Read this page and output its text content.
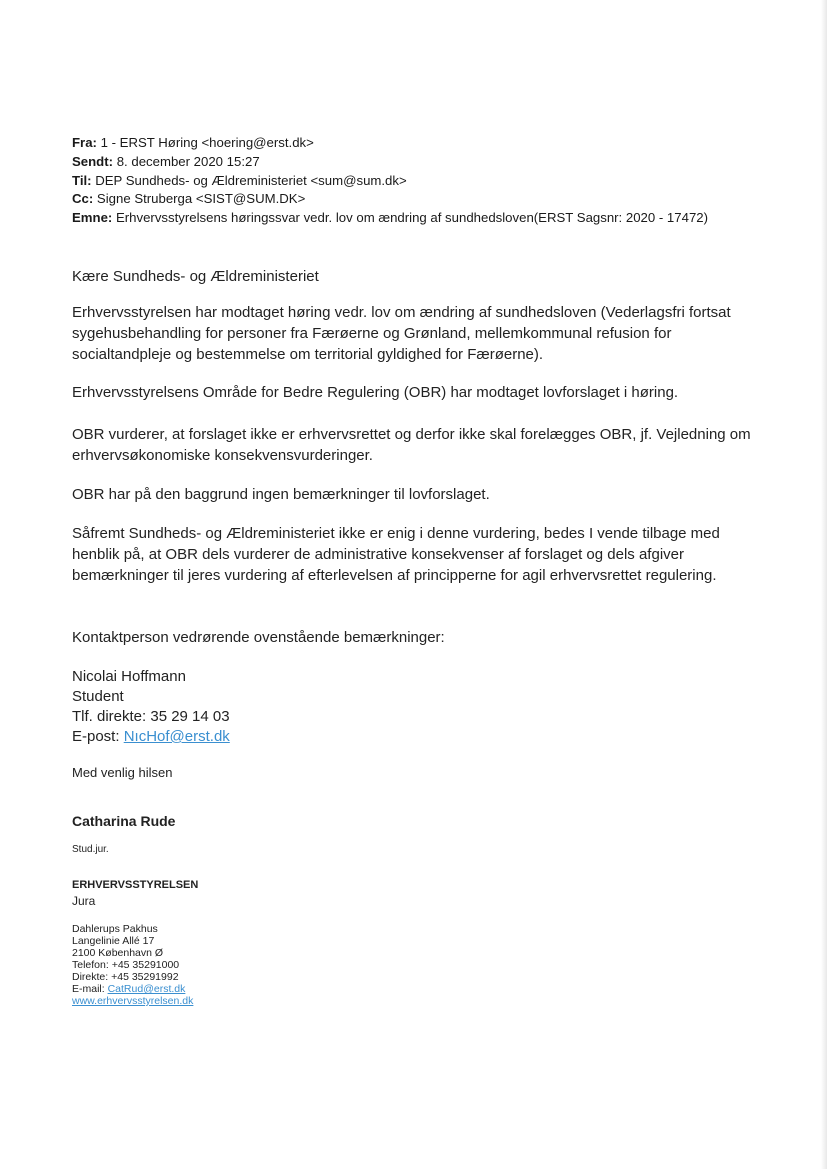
Fra: 1 - ERST Høring <hoering@erst.dk>
Sendt: 8. december 2020 15:27
Til: DEP Sundheds- og Ældreministeriet <sum@sum.dk>
Cc: Signe Struberga <SIST@SUM.DK>
Emne: Erhvervsstyrelsens høringssvar vedr. lov om ændring af sundhedsloven(ERST Sagsnr: 2020 - 17472)
Kære Sundheds- og Ældreministeriet
Erhvervsstyrelsen har modtaget høring vedr. lov om ændring af sundhedsloven (Vederlagsfri fortsat sygehusbehandling for personer fra Færøerne og Grønland, mellemkommunal refusion for socialtandpleje og bestemmelse om territorial gyldighed for Færøerne).
Erhvervsstyrelsens Område for Bedre Regulering (OBR) har modtaget lovforslaget i høring.
OBR vurderer, at forslaget ikke er erhvervsrettet og derfor ikke skal forelægges OBR, jf. Vejledning om erhvervsøkonomiske konsekvensvurderinger.
OBR har på den baggrund ingen bemærkninger til lovforslaget.
Såfremt Sundheds- og Ældreministeriet ikke er enig i denne vurdering, bedes I vende tilbage med henblik på, at OBR dels vurderer de administrative konsekvenser af forslaget og dels afgiver bemærkninger til jeres vurdering af efterlevelsen af principperne for agil erhvervsrettet regulering.
Kontaktperson vedrørende ovenstående bemærkninger:
Nicolai Hoffmann
Student
Tlf. direkte: 35 29 14 03
E-post: NıcHof@erst.dk
Med venlig hilsen
Catharina Rude
Stud.jur.
ERHVERVSSTYRELSEN
Jura
Dahlerups Pakhus
Langelinie Allé 17
2100 København Ø
Telefon: +45 35291000
Direkte: +45 35291992
E-mail: CatRud@erst.dk
www.erhvervsstyrelsen.dk
